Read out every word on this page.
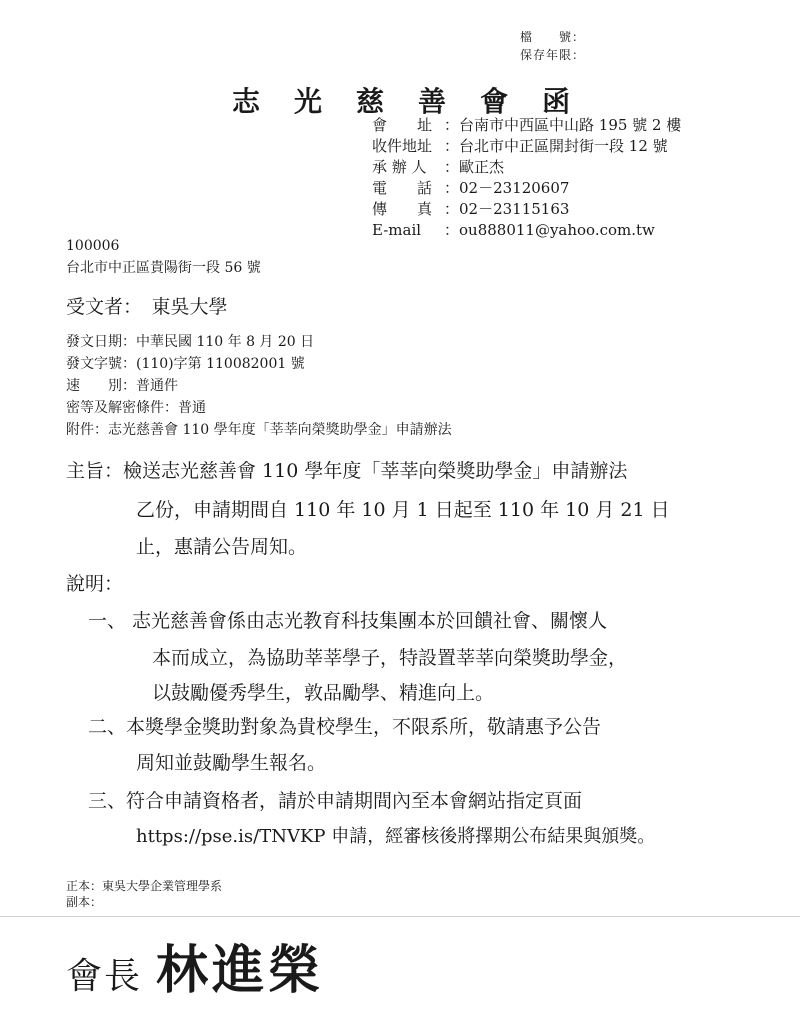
檔　　號：
保存年限：
志 光 慈 善 會 函
會　　址 ：台南市中西區中山路 195 號 2 樓
收件地址 ：台北市中正區開封街一段 12 號
承 辦 人	：歐正杰
電　　話 ：02－23120607
傳　　真 ：02－23115163
E-mail	：ou888011@yahoo.com.tw
100006
台北市中正區貴陽街一段 56 號
受文者：　東吳大學
發文日期：中華民國 110 年 8 月 20 日
發文字號：(110)字第 110082001 號
速　　別：普通件
密等及解密條件：普通
附件：志光慈善會 110 學年度「莘莘向榮獎助學金」申請辦法
主旨：檢送志光慈善會 110 學年度「莘莘向榮獎助學金」申請辦法
乙份，申請期間自 110 年 10 月 1 日起至 110 年 10 月 21 日
止，惠請公告周知。
說明：
一、 志光慈善會係由志光教育科技集團本於回饋社會、關懷人
本而成立，為協助莘莘學子，特設置莘莘向榮獎助學金，
以鼓勵優秀學生，敦品勵學、精進向上。
二、本獎學金獎助對象為貴校學生，不限系所，敬請惠予公告
周知並鼓勵學生報名。
三、符合申請資格者，請於申請期間內至本會網站指定頁面
https://pse.is/TNVKP 申請，經審核後將擇期公布結果與頒獎。
正本：東吳大學企業管理學系
副本：
會長 林進榮
